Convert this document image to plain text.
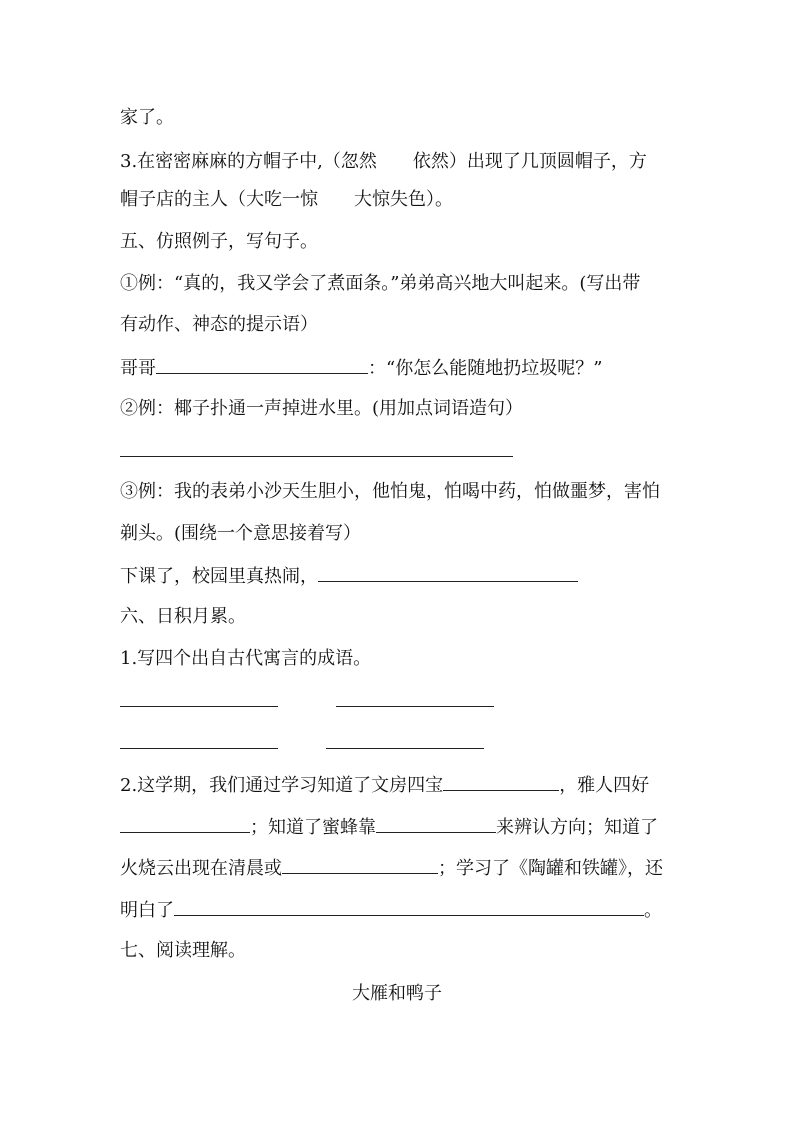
家了。
3.在密密麻麻的方帽子中,（忽然 依然）出现了几顶圆帽子，方
帽子店的主人（大吃一惊 大惊失色）。
五、仿照例子，写句子。
①例：“真的，我又学会了煮面条。”弟弟高兴地大叫起来。(写出带
有动作、神态的提示语）
哥哥	：“你怎么能随地扔垃圾呢？”
②例：椰子扑通一声掉进水里。(用加点词语造句）
③例：我的表弟小沙天生胆小，他怕鬼，怕喝中药，怕做噩梦，害怕
剃头。(围绕一个意思接着写）
下课了，校园里真热闹，
六、日积月累。
1.写四个出自古代寓言的成语。
2.这学期，我们通过学习知道了文房四宝	，雅人四好
；知道了蜜蜂靠	来辨认方向；知道了
火烧云出现在清晨或	；学习了《陶罐和铁罐》，还
明白了	。
七、阅读理解。
大雁和鸭子
